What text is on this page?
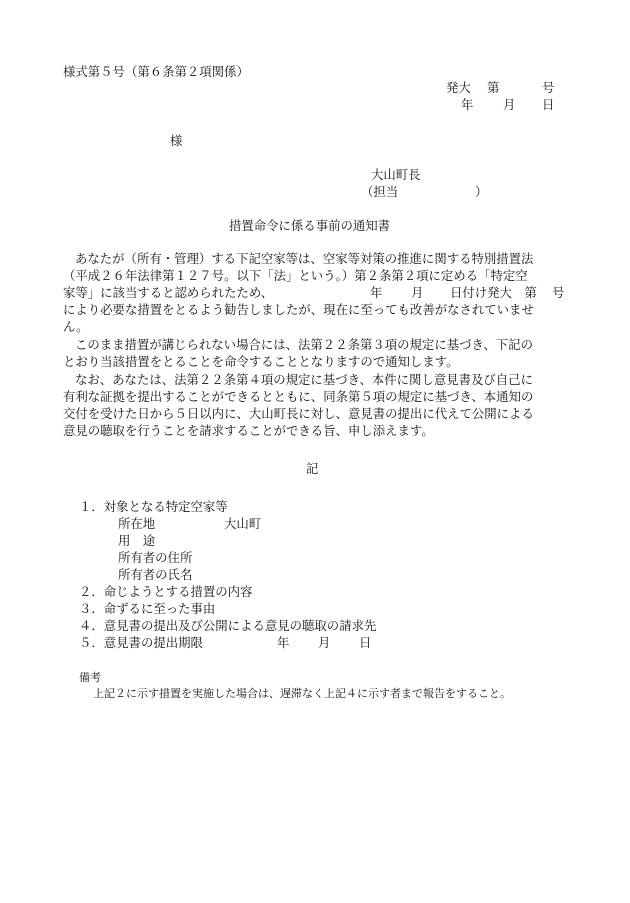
様式第５号（第６条第２項関係）
発大 第	号
年 月 日
様
大山町長
（担当	）
措置命令に係る事前の通知書
あなたが（所有・管理）する下記空家等は、空家等対策の推進に関する特別措置法
（平成２６年法律第１２７号。以下「法」という。）第２条第２項に定める「特定空
家等」に該当すると認められたため、	年 月 日付け発大　第 号
により必要な措置をとるよう勧告しましたが、現在に至っても改善がなされていませ
ん。
このまま措置が講じられない場合には、法第２２条第３項の規定に基づき、下記の
とおり当該措置をとることを命令することとなりますので通知します。
なお、あなたは、法第２２条第４項の規定に基づき、本件に関し意見書及び自己に
有利な証拠を提出することができるとともに、同条第５項の規定に基づき、本通知の
交付を受けた日から５日以内に、大山町長に対し、意見書の提出に代えて公開による
意見の聴取を行うことを請求することができる旨、申し添えます。
記
１．対象となる特定空家等
所在地	大山町
用　途
所有者の住所
所有者の氏名
２．命じようとする措置の内容
３．命ずるに至った事由
４．意見書の提出及び公開による意見の聴取の請求先
５．意見書の提出期限	年 月 日
備考
上記２に示す措置を実施した場合は、遅滞なく上記４に示す者まで報告をすること。
